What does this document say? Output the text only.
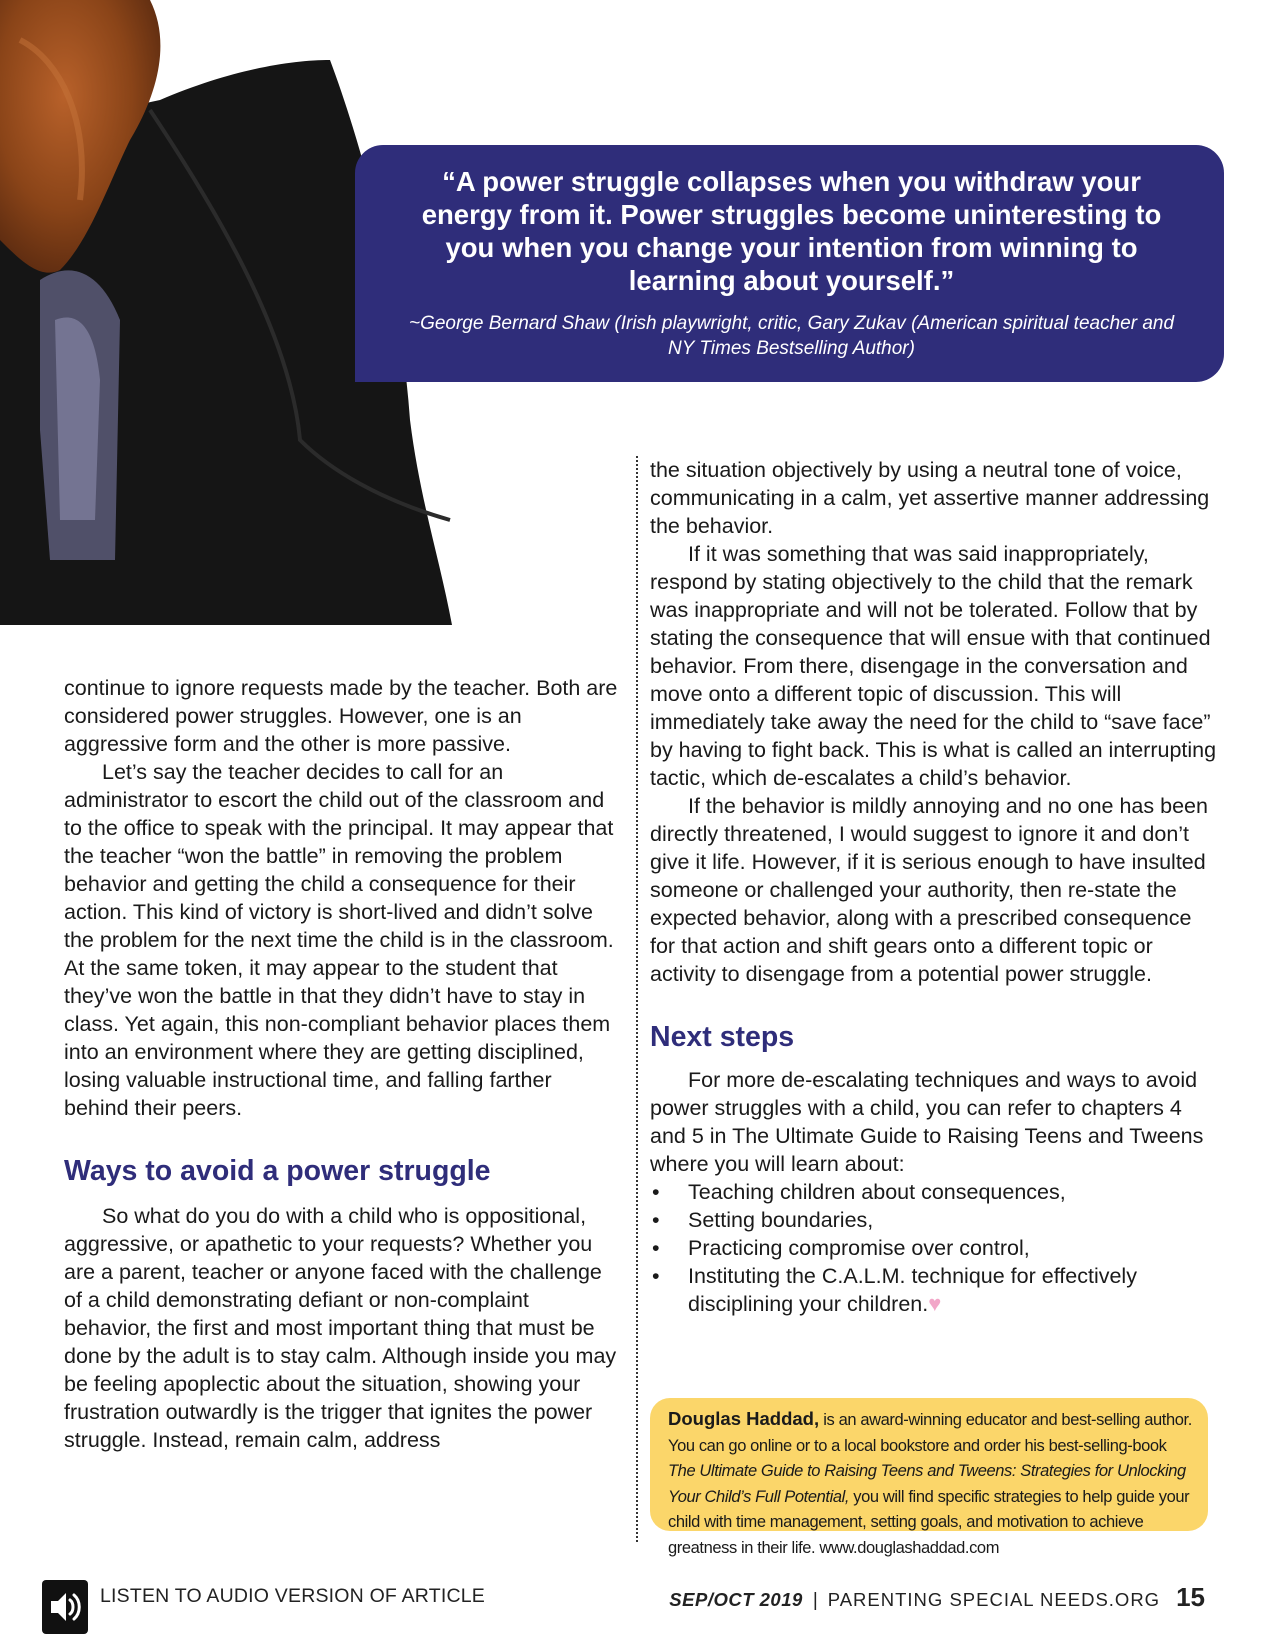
“A power struggle collapses when you withdraw your energy from it. Power struggles become uninteresting to you when you change your intention from winning to learning about yourself.”

~George Bernard Shaw (Irish playwright, critic, Gary Zukav (American spiritual teacher and NY Times Bestselling Author)

continue to ignore requests made by the teacher. Both are considered power struggles. However, one is an aggressive form and the other is more passive.

Let’s say the teacher decides to call for an administrator to escort the child out of the classroom and to the office to speak with the principal. It may appear that the teacher “won the battle” in removing the problem behavior and getting the child a consequence for their action. This kind of victory is short-lived and didn’t solve the problem for the next time the child is in the classroom. At the same token, it may appear to the student that they’ve won the battle in that they didn’t have to stay in class. Yet again, this non-compliant behavior places them into an environment where they are getting disciplined, losing valuable instructional time, and falling farther behind their peers.

Ways to avoid a power struggle

So what do you do with a child who is oppositional, aggressive, or apathetic to your requests? Whether you are a parent, teacher or anyone faced with the challenge of a child demonstrating defiant or non-complaint behavior, the first and most important thing that must be done by the adult is to stay calm. Although inside you may be feeling apoplectic about the situation, showing your frustration outwardly is the trigger that ignites the power struggle. Instead, remain calm, address

the situation objectively by using a neutral tone of voice, communicating in a calm, yet assertive manner addressing the behavior.

If it was something that was said inappropriately, respond by stating objectively to the child that the remark was inappropriate and will not be tolerated. Follow that by stating the consequence that will ensue with that continued behavior. From there, disengage in the conversation and move onto a different topic of discussion. This will immediately take away the need for the child to “save face” by having to fight back. This is what is called an interrupting tactic, which de-escalates a child’s behavior.

If the behavior is mildly annoying and no one has been directly threatened, I would suggest to ignore it and don’t give it life. However, if it is serious enough to have insulted someone or challenged your authority, then re-state the expected behavior, along with a prescribed consequence for that action and shift gears onto a different topic or activity to disengage from a potential power struggle.

Next steps

For more de-escalating techniques and ways to avoid power struggles with a child, you can refer to chapters 4 and 5 in The Ultimate Guide to Raising Teens and Tweens where you will learn about:

• Teaching children about consequences,
• Setting boundaries,
• Practicing compromise over control,
• Instituting the C.A.L.M. technique for effectively disciplining your children.♥

Douglas Haddad, is an award-winning educator and best-selling author. You can go online or to a local bookstore and order his best-selling-book The Ultimate Guide to Raising Teens and Tweens: Strategies for Unlocking Your Child’s Full Potential, you will find specific strategies to help guide your child with time management, setting goals, and motivation to achieve greatness in their life. www.douglashaddad.com

LISTEN TO AUDIO VERSION OF ARTICLE	SEP/OCT 2019 | PARENTING SPECIAL NEEDS.ORG 15
